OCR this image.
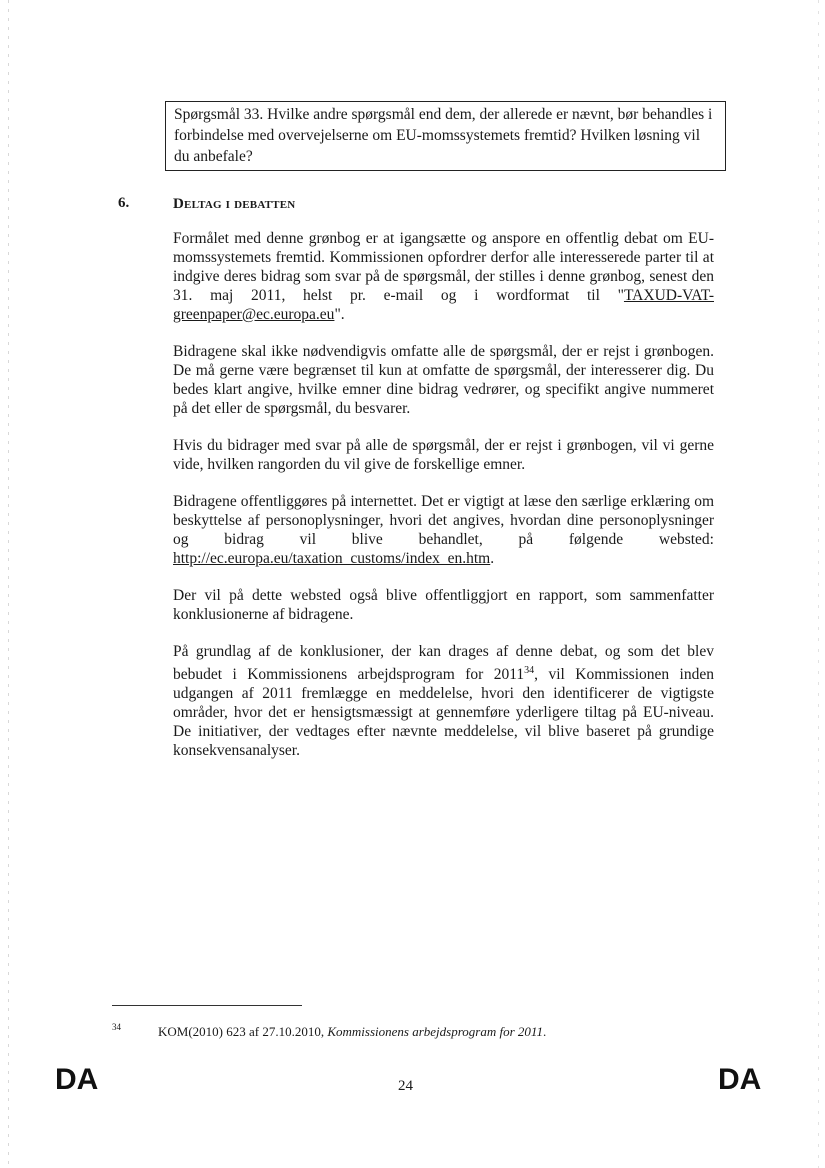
Spørgsmål 33. Hvilke andre spørgsmål end dem, der allerede er nævnt, bør behandles i forbindelse med overvejelserne om EU-momssystemets fremtid? Hvilken løsning vil du anbefale?
6.	Deltag i debatten

Formålet med denne grønbog er at igangsætte og anspore en offentlig debat om EU-momssystemets fremtid. Kommissionen opfordrer derfor alle interesserede parter til at indgive deres bidrag som svar på de spørgsmål, der stilles i denne grønbog, senest den 31. maj 2011, helst pr. e-mail og i wordformat til "TAXUD-VAT-greenpaper@ec.europa.eu".

Bidragene skal ikke nødvendigvis omfatte alle de spørgsmål, der er rejst i grønbogen. De må gerne være begrænset til kun at omfatte de spørgsmål, der interesserer dig. Du bedes klart angive, hvilke emner dine bidrag vedrører, og specifikt angive nummeret på det eller de spørgsmål, du besvarer.

Hvis du bidrager med svar på alle de spørgsmål, der er rejst i grønbogen, vil vi gerne vide, hvilken rangorden du vil give de forskellige emner.

Bidragene offentliggøres på internettet. Det er vigtigt at læse den særlige erklæring om beskyttelse af personoplysninger, hvori det angives, hvordan dine personoplysninger og bidrag vil blive behandlet, på følgende websted: http://ec.europa.eu/taxation_customs/index_en.htm.

Der vil på dette websted også blive offentliggjort en rapport, som sammenfatter konklusionerne af bidragene.

På grundlag af de konklusioner, der kan drages af denne debat, og som det blev bebudet i Kommissionens arbejdsprogram for 2011$^{34}$, vil Kommissionen inden udgangen af 2011 fremlægge en meddelelse, hvori den identificerer de vigtigste områder, hvor det er hensigtsmæssigt at gennemføre yderligere tiltag på EU-niveau. De initiativer, der vedtages efter nævnte meddelelse, vil blive baseret på grundige konsekvensanalyser.

34	KOM(2010) 623 af 27.10.2010, Kommissionens arbejdsprogram for 2011.
DA	24	DA
